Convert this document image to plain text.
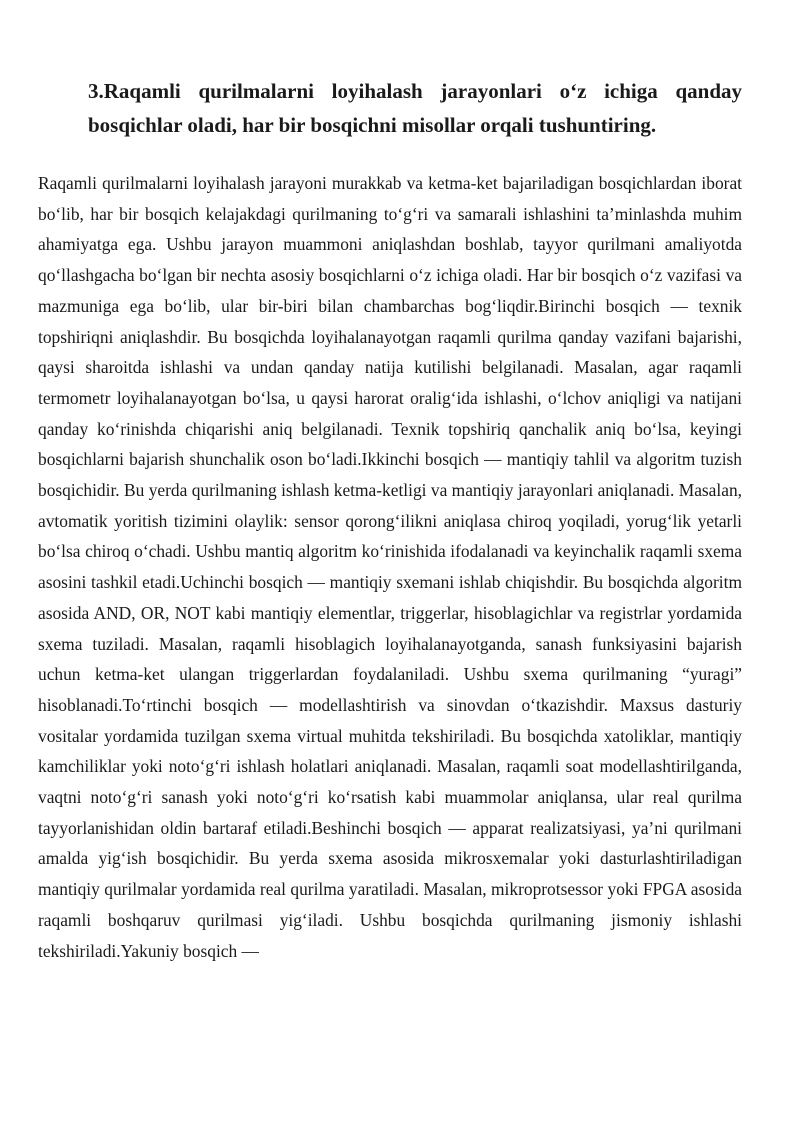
3.Raqamli qurilmalarni loyihalash jarayonlari o‘z ichiga qanday bosqichlar oladi, har bir bosqichni misollar orqali tushuntiring.

Raqamli qurilmalarni loyihalash jarayoni murakkab va ketma-ket bajariladigan bosqichlardan iborat bo‘lib, har bir bosqich kelajakdagi qurilmaning to‘g‘ri va samarali ishlashini ta’minlashda muhim ahamiyatga ega. Ushbu jarayon muammoni aniqlashdan boshlab, tayyor qurilmani amaliyotda qo‘llashgacha bo‘lgan bir nechta asosiy bosqichlarni o‘z ichiga oladi. Har bir bosqich o‘z vazifasi va mazmuniga ega bo‘lib, ular bir-biri bilan chambarchas bog‘liqdir.Birinchi bosqich — texnik topshiriqni aniqlashdir. Bu bosqichda loyihalanayotgan raqamli qurilma qanday vazifani bajarishi, qaysi sharoitda ishlashi va undan qanday natija kutilishi belgilanadi. Masalan, agar raqamli termometr loyihalanayotgan bo‘lsa, u qaysi harorat oralig‘ida ishlashi, o‘lchov aniqligi va natijani qanday ko‘rinishda chiqarishi aniq belgilanadi. Texnik topshiriq qanchalik aniq bo‘lsa, keyingi bosqichlarni bajarish shunchalik oson bo‘ladi.Ikkinchi bosqich — mantiqiy tahlil va algoritm tuzish bosqichidir. Bu yerda qurilmaning ishlash ketma-ketligi va mantiqiy jarayonlari aniqlanadi. Masalan, avtomatik yoritish tizimini olaylik: sensor qorong‘ilikni aniqlasa chiroq yoqiladi, yorug‘lik yetarli bo‘lsa chiroq o‘chadi. Ushbu mantiq algoritm ko‘rinishida ifodalanadi va keyinchalik raqamli sxema asosini tashkil etadi.Uchinchi bosqich — mantiqiy sxemani ishlab chiqishdir. Bu bosqichda algoritm asosida AND, OR, NOT kabi mantiqiy elementlar, triggerlar, hisoblagichlar va registrlar yordamida sxema tuziladi. Masalan, raqamli hisoblagich loyihalanayotganda, sanash funksiyasini bajarish uchun ketma-ket ulangan triggerlardan foydalaniladi. Ushbu sxema qurilmaning “yuragi” hisoblanadi.To‘rtinchi bosqich — modellashtirish va sinovdan o‘tkazishdir. Maxsus dasturiy vositalar yordamida tuzilgan sxema virtual muhitda tekshiriladi. Bu bosqichda xatoliklar, mantiqiy kamchiliklar yoki noto‘g‘ri ishlash holatlari aniqlanadi. Masalan, raqamli soat modellashtirilganda, vaqtni noto‘g‘ri sanash yoki noto‘g‘ri ko‘rsatish kabi muammolar aniqlansa, ular real qurilma tayyorlanishidan oldin bartaraf etiladi.Beshinchi bosqich — apparat realizatsiyasi, ya’ni qurilmani amalda yig‘ish bosqichidir. Bu yerda sxema asosida mikrosxemalar yoki dasturlashtiriladigan mantiqiy qurilmalar yordamida real qurilma yaratiladi. Masalan, mikroprotsessor yoki FPGA asosida raqamli boshqaruv qurilmasi yig‘iladi. Ushbu bosqichda qurilmaning jismoniy ishlashi tekshiriladi.Yakuniy bosqich —
